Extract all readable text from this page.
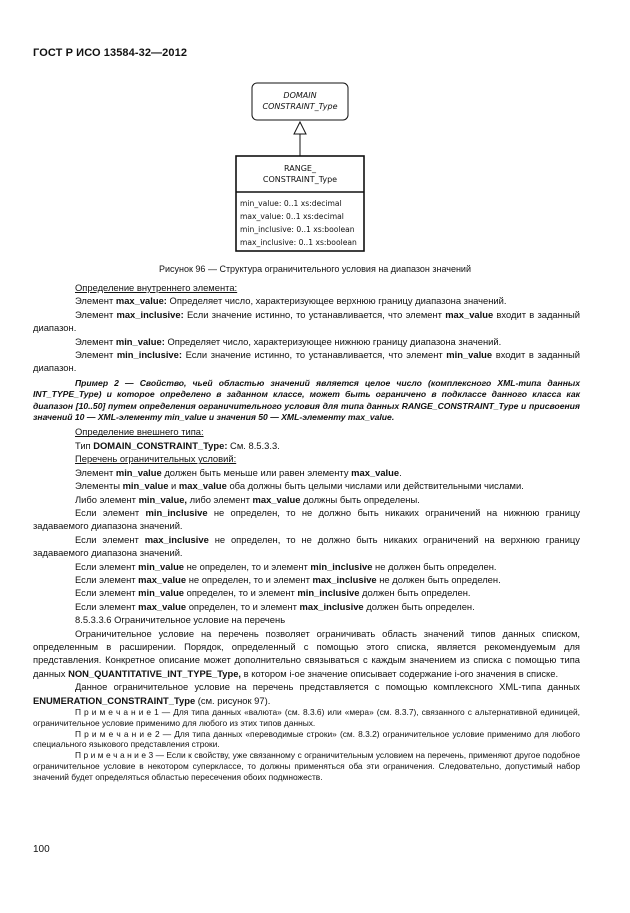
ГОСТ Р ИСО 13584-32—2012
DOMAIN
CONSTRAINT_Type
RANGE_
CONSTRAINT_Type
min_value: 0..1 xs:decimal
max_value: 0..1 xs:decimal
min_inclusive: 0..1 xs:boolean
max_inclusive: 0..1 xs:boolean
Рисунок 96 — Структура ограничительного условия на диапазон значений

Определение внутреннего элемента:

Элемент max_value: Определяет число, характеризующее верхнюю границу диапазона значений.

Элемент max_inclusive: Если значение истинно, то устанавливается, что элемент max_value входит в заданный диапазон.

Элемент min_value: Определяет число, характеризующее нижнюю границу диапазона значений.

Элемент min_inclusive: Если значение истинно, то устанавливается, что элемент min_value входит в заданный диапазон.

Пример 2 — Свойство, чьей областью значений является целое число (комплексного XML-типа данных INT_TYPE_Type) и которое определено в заданном классе, может быть ограничено в подклассе данного класса как диапазон [10..50] путем определения ограничительного условия для типа данных RANGE_CONSTRAINT_Type и присвоения значений 10 — XML-элементу min_value и значения 50 — XML-элементу max_value.

Определение внешнего типа:

Тип DOMAIN_CONSTRAINT_Type: См. 8.5.3.3.

Перечень ограничительных условий:

Элемент min_value должен быть меньше или равен элементу max_value.

Элементы min_value и max_value оба должны быть целыми числами или действительными числами.

Либо элемент min_value, либо элемент max_value должны быть определены.

Если элемент min_inclusive не определен, то не должно быть никаких ограничений на нижнюю границу задаваемого диапазона значений.

Если элемент max_inclusive не определен, то не должно быть никаких ограничений на верхнюю границу задаваемого диапазона значений.

Если элемент min_value не определен, то и элемент min_inclusive не должен быть определен.

Если элемент max_value не определен, то и элемент max_inclusive не должен быть определен.

Если элемент min_value определен, то и элемент min_inclusive должен быть определен.

Если элемент max_value определен, то и элемент max_inclusive должен быть определен.

8.5.3.3.6 Ограничительное условие на перечень

Ограничительное условие на перечень позволяет ограничивать область значений типов данных списком, определенным в расширении. Порядок, определенный с помощью этого списка, является рекомендуемым для представления. Конкретное описание может дополнительно связываться с каждым значением из списка с помощью типа данных NON_QUANTITATIVE_INT_TYPE_Type, в котором i-ое значение описывает содержание i-ого значения в списке.

Данное ограничительное условие на перечень представляется с помощью комплексного XML-типа данных ENUMERATION_CONSTRAINT_Type (см. рисунок 97).

П р и м е ч а н и е 1 — Для типа данных «валюта» (см. 8.3.6) или «мера» (см. 8.3.7), связанного с альтернативной единицей, ограничительное условие применимо для любого из этих типов данных.

П р и м е ч а н и е 2 — Для типа данных «переводимые строки» (см. 8.3.2) ограничительное условие применимо для любого специального языкового представления строки.

П р и м е ч а н и е 3 — Если к свойству, уже связанному с ограничительным условием на перечень, применяют другое подобное ограничительное условие в некотором суперклассе, то должны применяться оба эти ограничения. Следовательно, допустимый набор значений будет определяться областью пересечения обоих подмножеств.

100
